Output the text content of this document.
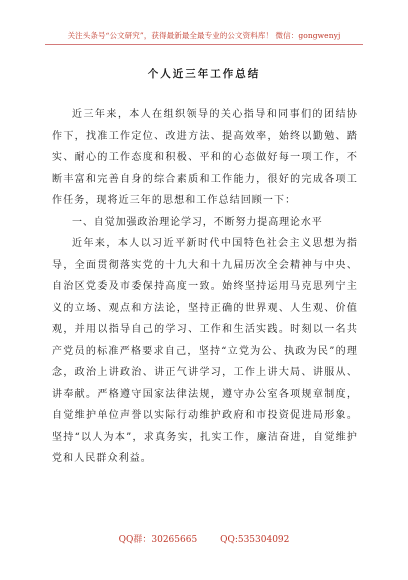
关注头条号“公文研究”，获得最新最全最专业的公文资料库！ 微信：gongwenyj
个人近三年工作总结

近三年来，本人在组织领导的关心指导和同事们的团结协作下，找准工作定位、改进方法、提高效率，始终以勤勉、踏实、耐心的工作态度和积极、平和的心态做好每一项工作，不断丰富和完善自身的综合素质和工作能力，很好的完成各项工作任务，现将近三年的思想和工作总结回顾一下：

一、自觉加强政治理论学习，不断努力提高理论水平

近年来，本人以习近平新时代中国特色社会主义思想为指导，全面贯彻落实党的十九大和十九届历次全会精神与中央、自治区党委及市委保持高度一致。始终坚持运用马克思列宁主义的立场、观点和方法论，坚持正确的世界观、人生观、价值观，并用以指导自己的学习、工作和生活实践。时刻以一名共产党员的标准严格要求自己，坚持“立党为公、执政为民”的理念，政治上讲政治、讲正气讲学习，工作上讲大局、讲服从、讲奉献。严格遵守国家法律法规，遵守办公室各项规章制度，自觉维护单位声誉以实际行动维护政府和市投资促进局形象。坚持“以人为本”，求真务实，扎实工作，廉洁奋进，自觉维护党和人民群众利益。

QQ群：30265665	QQ:535304092
